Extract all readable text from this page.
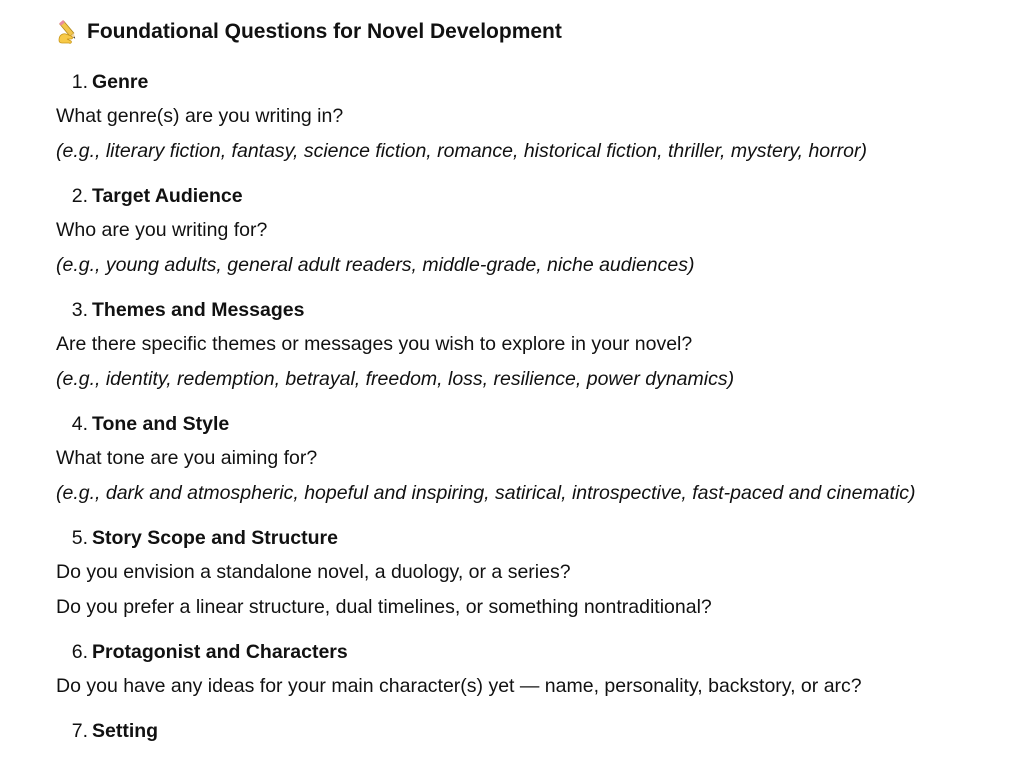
Foundational Questions for Novel Development
1. Genre
What genre(s) are you writing in?
(e.g., literary fiction, fantasy, science fiction, romance, historical fiction, thriller, mystery, horror)
2. Target Audience
Who are you writing for?
(e.g., young adults, general adult readers, middle-grade, niche audiences)
3. Themes and Messages
Are there specific themes or messages you wish to explore in your novel?
(e.g., identity, redemption, betrayal, freedom, loss, resilience, power dynamics)
4. Tone and Style
What tone are you aiming for?
(e.g., dark and atmospheric, hopeful and inspiring, satirical, introspective, fast-paced and cinematic)
5. Story Scope and Structure
Do you envision a standalone novel, a duology, or a series?
Do you prefer a linear structure, dual timelines, or something nontraditional?
6. Protagonist and Characters
Do you have any ideas for your main character(s) yet — name, personality, backstory, or arc?
7. Setting
